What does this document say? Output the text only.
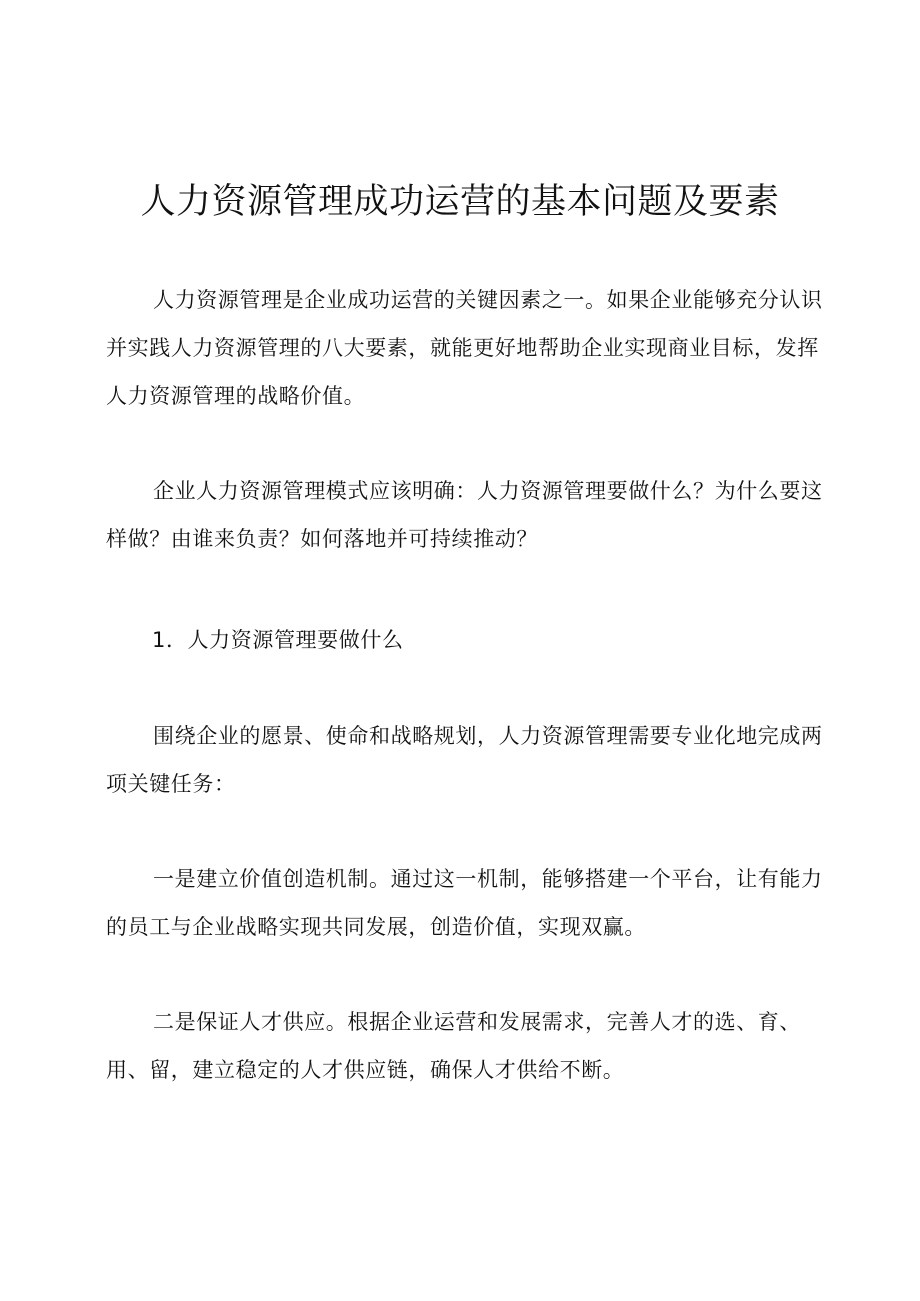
人力资源管理成功运营的基本问题及要素

人力资源管理是企业成功运营的关键因素之一。如果企业能够充分认识并实践人力资源管理的八大要素，就能更好地帮助企业实现商业目标，发挥人力资源管理的战略价值。

企业人力资源管理模式应该明确：人力资源管理要做什么？为什么要这样做？由谁来负责？如何落地并可持续推动？

1．人力资源管理要做什么

围绕企业的愿景、使命和战略规划，人力资源管理需要专业化地完成两项关键任务：

一是建立价值创造机制。通过这一机制，能够搭建一个平台，让有能力的员工与企业战略实现共同发展，创造价值，实现双赢。

二是保证人才供应。根据企业运营和发展需求，完善人才的选、育、用、留，建立稳定的人才供应链，确保人才供给不断。
